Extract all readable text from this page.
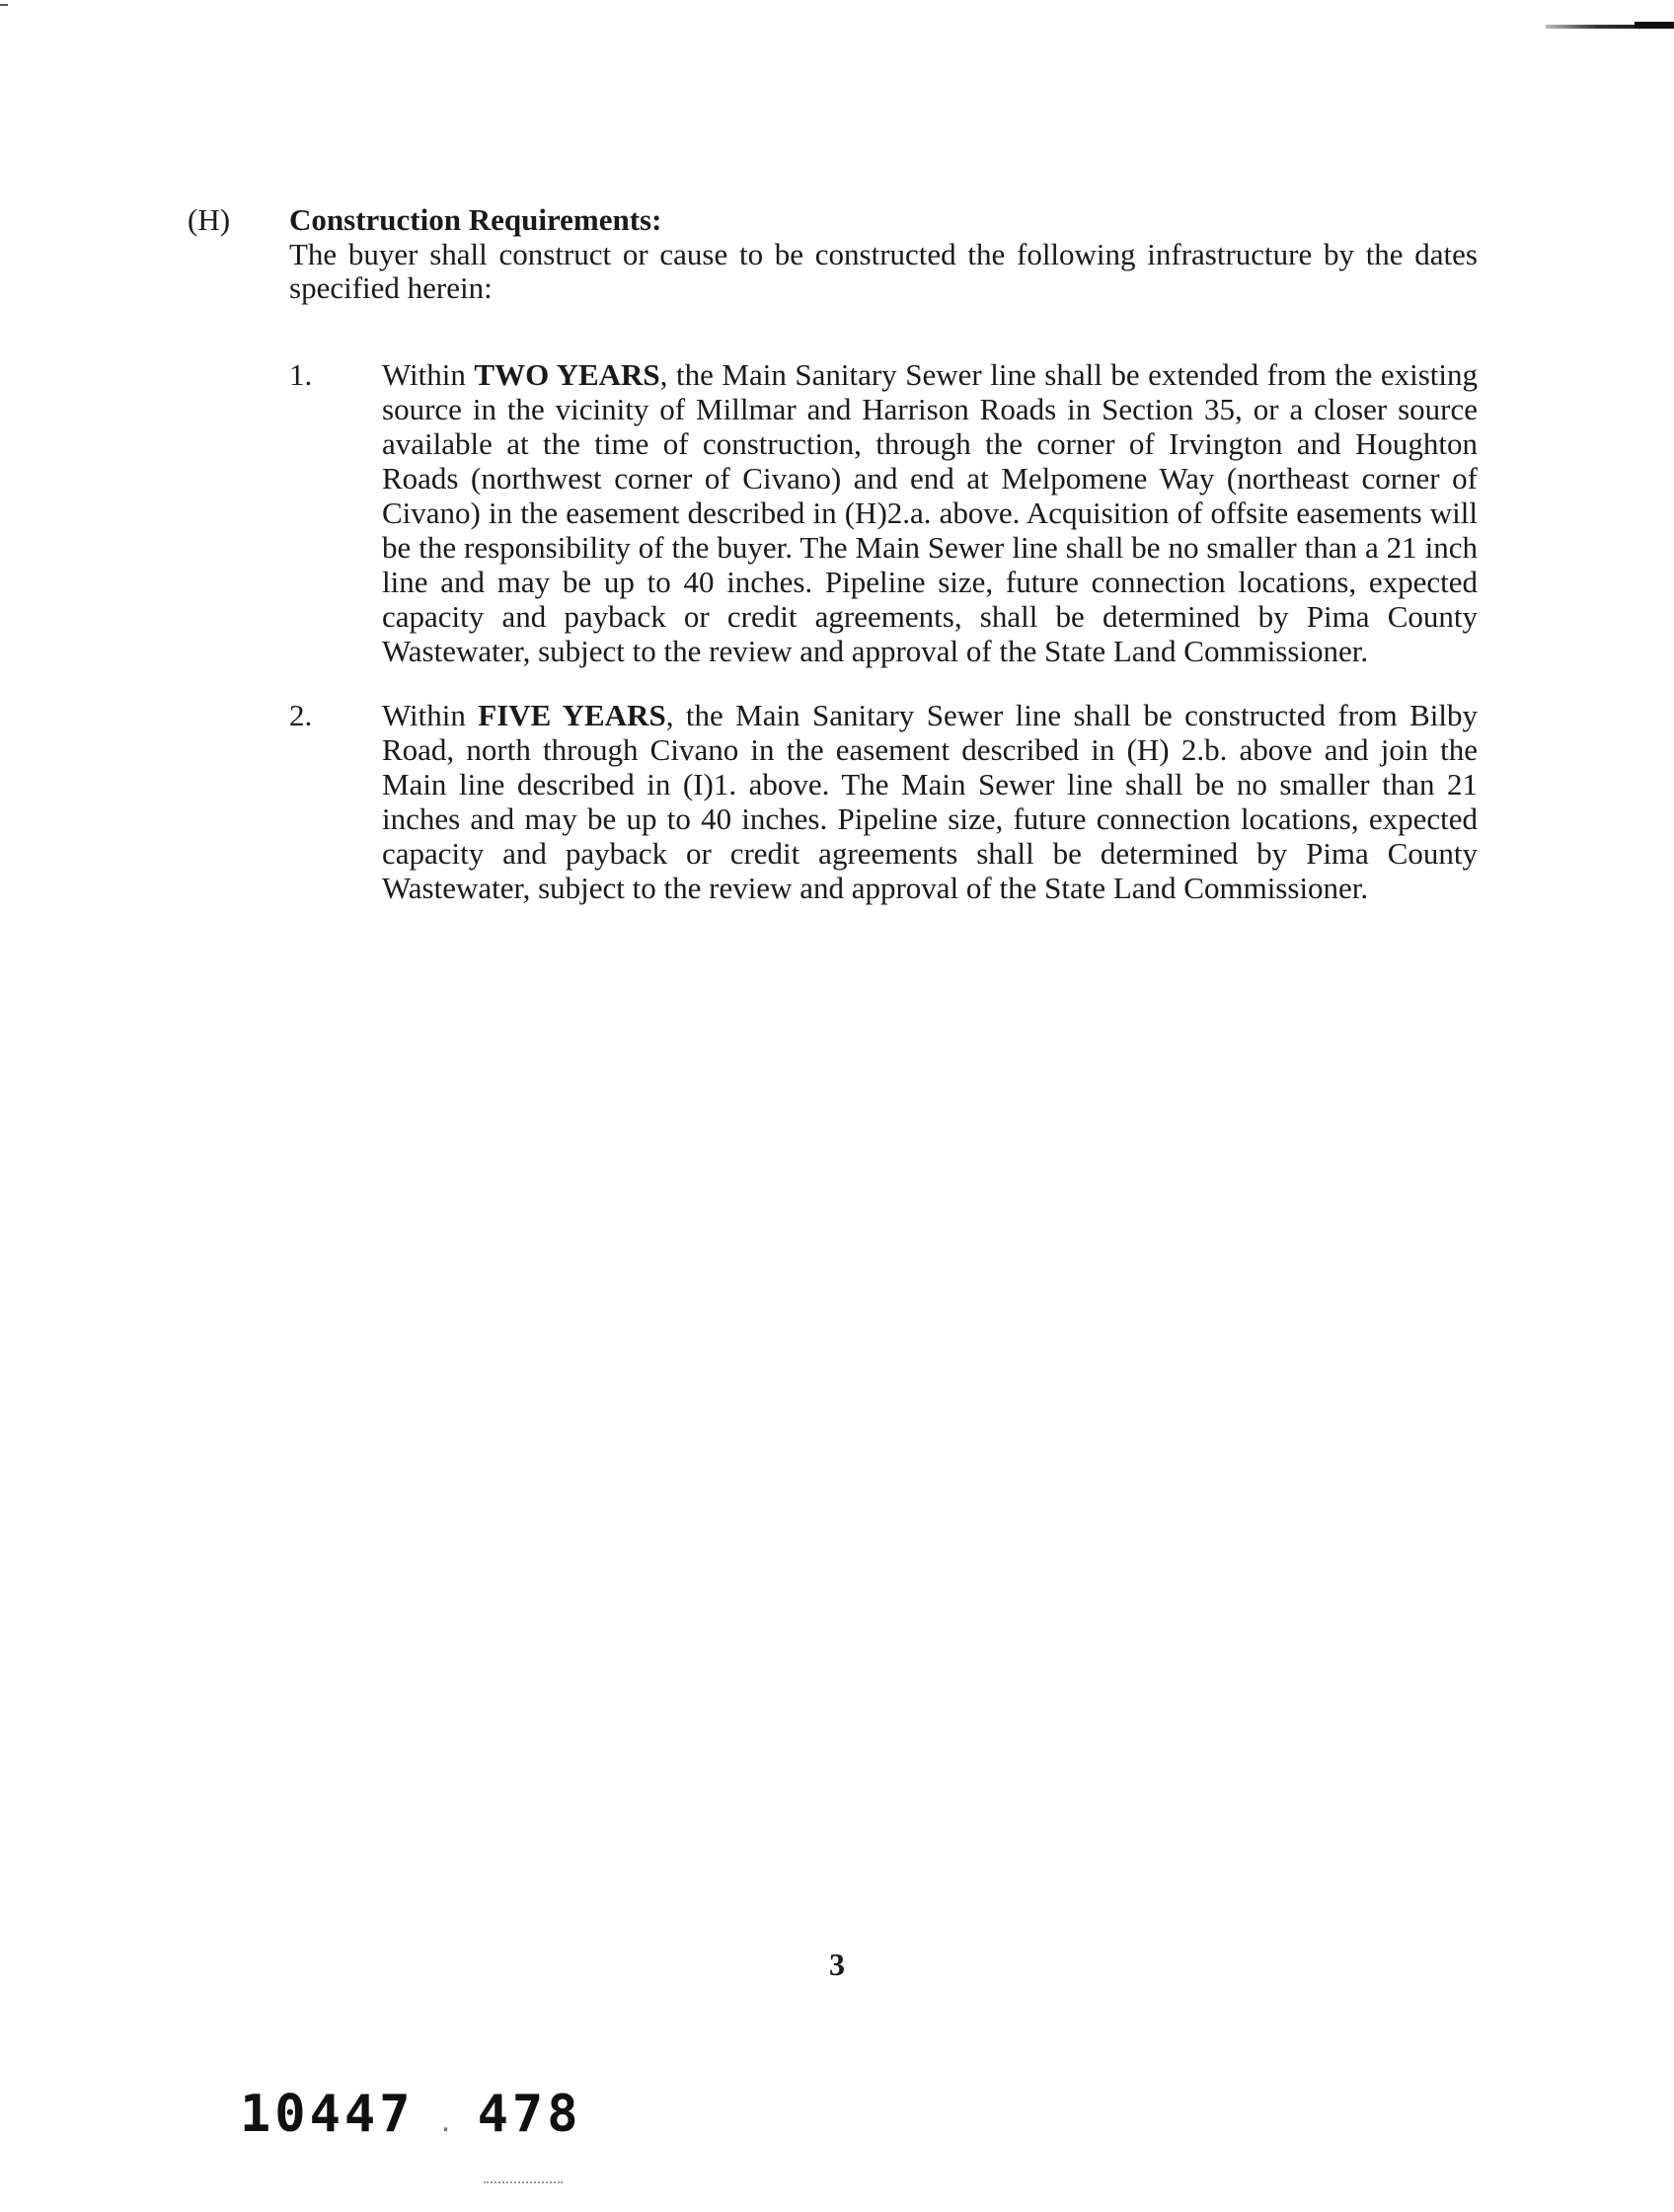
(H) Construction Requirements:

The buyer shall construct or cause to be constructed the following infrastructure by the dates specified herein:

1. Within TWO YEARS, the Main Sanitary Sewer line shall be extended from the existing source in the vicinity of Millmar and Harrison Roads in Section 35, or a closer source available at the time of construction, through the corner of Irvington and Houghton Roads (northwest corner of Civano) and end at Melpomene Way (northeast corner of Civano) in the easement described in (H)2.a. above. Acquisition of offsite easements will be the responsibility of the buyer. The Main Sewer line shall be no smaller than a 21 inch line and may be up to 40 inches. Pipeline size, future connection locations, expected capacity and payback or credit agreements, shall be determined by Pima County Wastewater, subject to the review and approval of the State Land Commissioner.
2. Within FIVE YEARS, the Main Sanitary Sewer line shall be constructed from Bilby Road, north through Civano in the easement described in (H) 2.b. above and join the Main line described in (I)1. above. The Main Sewer line shall be no smaller than 21 inches and may be up to 40 inches. Pipeline size, future connection locations, expected capacity and payback or credit agreements shall be determined by Pima County Wastewater, subject to the review and approval of the State Land Commissioner.
3
10447 . 478
